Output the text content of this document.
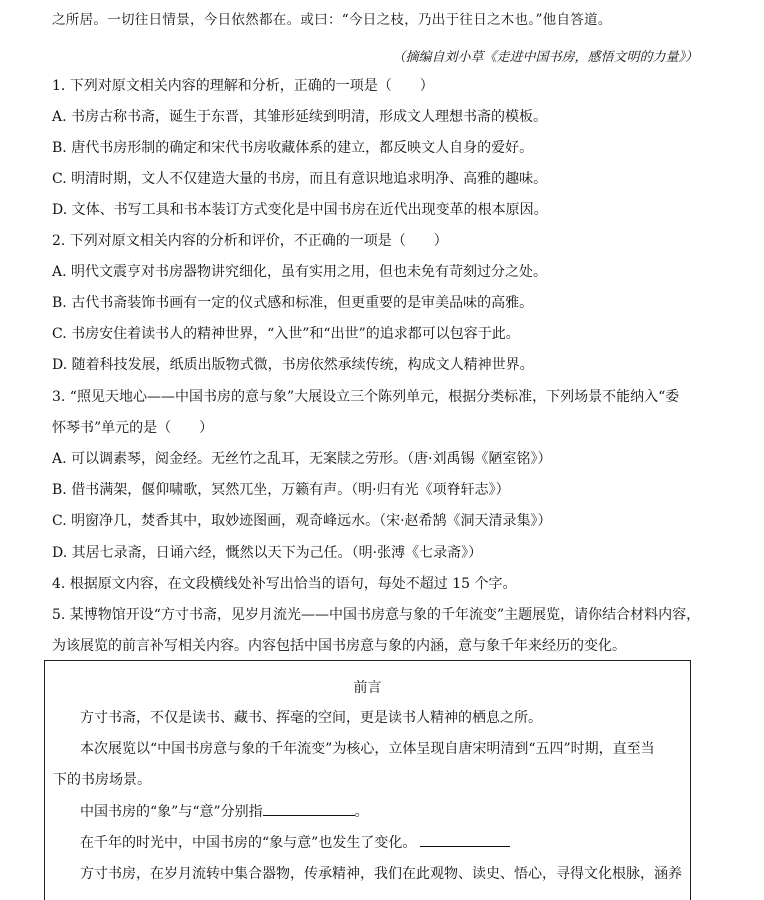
之所居。一切往日情景，今日依然都在。或曰：“今日之枝，乃出于往日之木也。”他自答道。
（摘编自刘小草《走进中国书房，感悟文明的力量》）
1. 下列对原文相关内容的理解和分析，正确的一项是（　　）
A. 书房古称书斋，诞生于东晋，其雏形延续到明清，形成文人理想书斋的模板。
B. 唐代书房形制的确定和宋代书房收藏体系的建立，都反映文人自身的爱好。
C. 明清时期，文人不仅建造大量的书房，而且有意识地追求明净、高雅的趣味。
D. 文体、书写工具和书本装订方式变化是中国书房在近代出现变革的根本原因。
2. 下列对原文相关内容的分析和评价，不正确的一项是（　　）
A. 明代文震亨对书房器物讲究细化，虽有实用之用，但也未免有苛刻过分之处。
B. 古代书斋装饰书画有一定的仪式感和标准，但更重要的是审美品味的高雅。
C. 书房安住着读书人的精神世界，“入世”和“出世”的追求都可以包容于此。
D. 随着科技发展，纸质出版物式微，书房依然承续传统，构成文人精神世界。
3. “照见天地心——中国书房的意与象”大展设立三个陈列单元，根据分类标准，下列场景不能纳入“委
怀琴书”单元的是（　　）
A. 可以调素琴，阅金经。无丝竹之乱耳，无案牍之劳形。（唐·刘禹锡《陋室铭》）
B. 借书满架，偃仰啸歌，冥然兀坐，万籁有声。（明·归有光《项脊轩志》）
C. 明窗净几，焚香其中，取妙迹图画，观奇峰远水。（宋·赵希鹄《洞天清录集》）
D. 其居七录斋，日诵六经，慨然以天下为己任。（明·张溥《七录斋》）
4. 根据原文内容，在文段横线处补写出恰当的语句，每处不超过 15 个字。
5. 某博物馆开设“方寸书斋，见岁月流光——中国书房意与象的千年流变”主题展览，请你结合材料内容，
为该展览的前言补写相关内容。内容包括中国书房意与象的内涵，意与象千年来经历的变化。
前言
方寸书斋，不仅是读书、藏书、挥毫的空间，更是读书人精神的栖息之所。
本次展览以“中国书房意与象的千年流变”为核心，立体呈现自唐宋明清到“五四”时期，直至当
下的书房场景。
中国书房的“象”与“意”分别指	。
在千年的时光中，中国书房的“象与意”也发生了变化。
方寸书房，在岁月流转中集合器物，传承精神，我们在此观物、读史、悟心，寻得文化根脉，涵养
